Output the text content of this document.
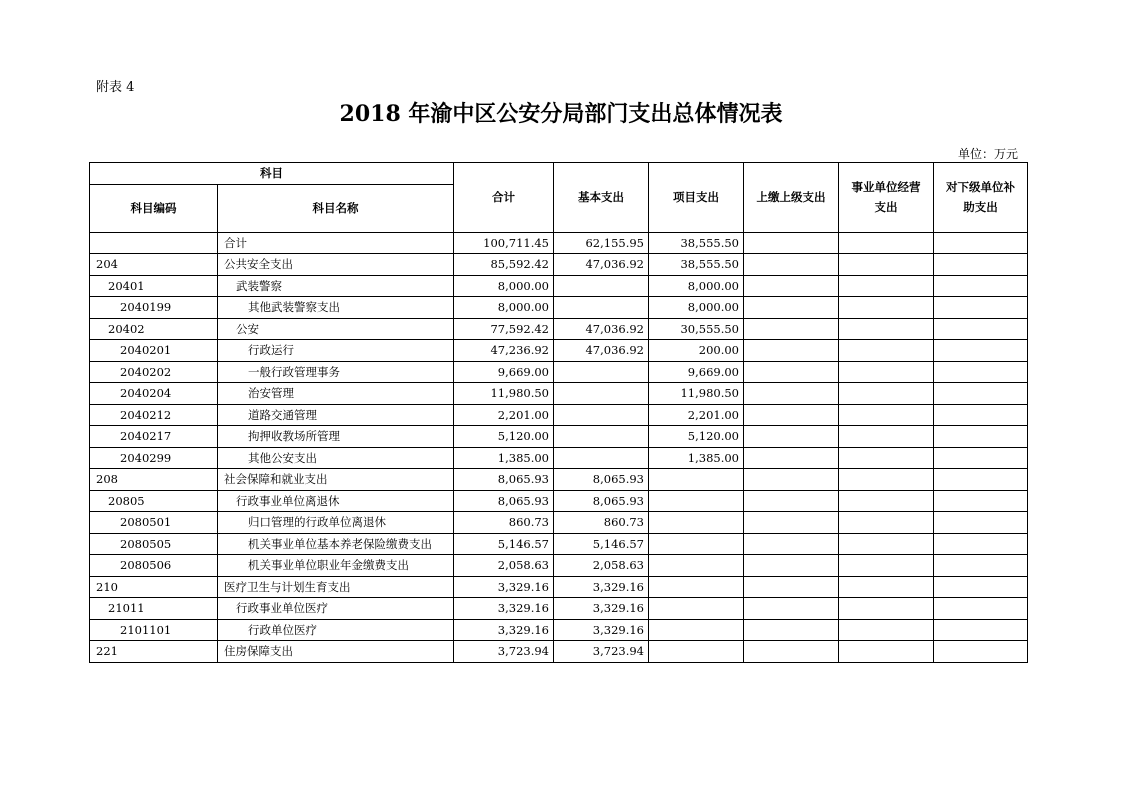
附表 4
2018 年渝中区公安分局部门支出总体情况表
单位：万元
科目		合计	基本支出	项目支出	上缴上级支出	事业单位经营支出	对下级单位补助支出
科目编码	科目名称						
	合计	100,711.45	62,155.95	38,555.50			
204	公共安全支出	85,592.42	47,036.92	38,555.50			
20401	武装警察	8,000.00		8,000.00			
2040199	其他武装警察支出	8,000.00		8,000.00			
20402	公安	77,592.42	47,036.92	30,555.50			
2040201	行政运行	47,236.92	47,036.92	200.00			
2040202	一般行政管理事务	9,669.00		9,669.00			
2040204	治安管理	11,980.50		11,980.50			
2040212	道路交通管理	2,201.00		2,201.00			
2040217	拘押收教场所管理	5,120.00		5,120.00			
2040299	其他公安支出	1,385.00		1,385.00			
208	社会保障和就业支出	8,065.93	8,065.93				
20805	行政事业单位离退休	8,065.93	8,065.93				
2080501	归口管理的行政单位离退休	860.73	860.73				
2080505	机关事业单位基本养老保险缴费支出	5,146.57	5,146.57				
2080506	机关事业单位职业年金缴费支出	2,058.63	2,058.63				
210	医疗卫生与计划生育支出	3,329.16	3,329.16				
21011	行政事业单位医疗	3,329.16	3,329.16				
2101101	行政单位医疗	3,329.16	3,329.16				
221	住房保障支出	3,723.94	3,723.94				
